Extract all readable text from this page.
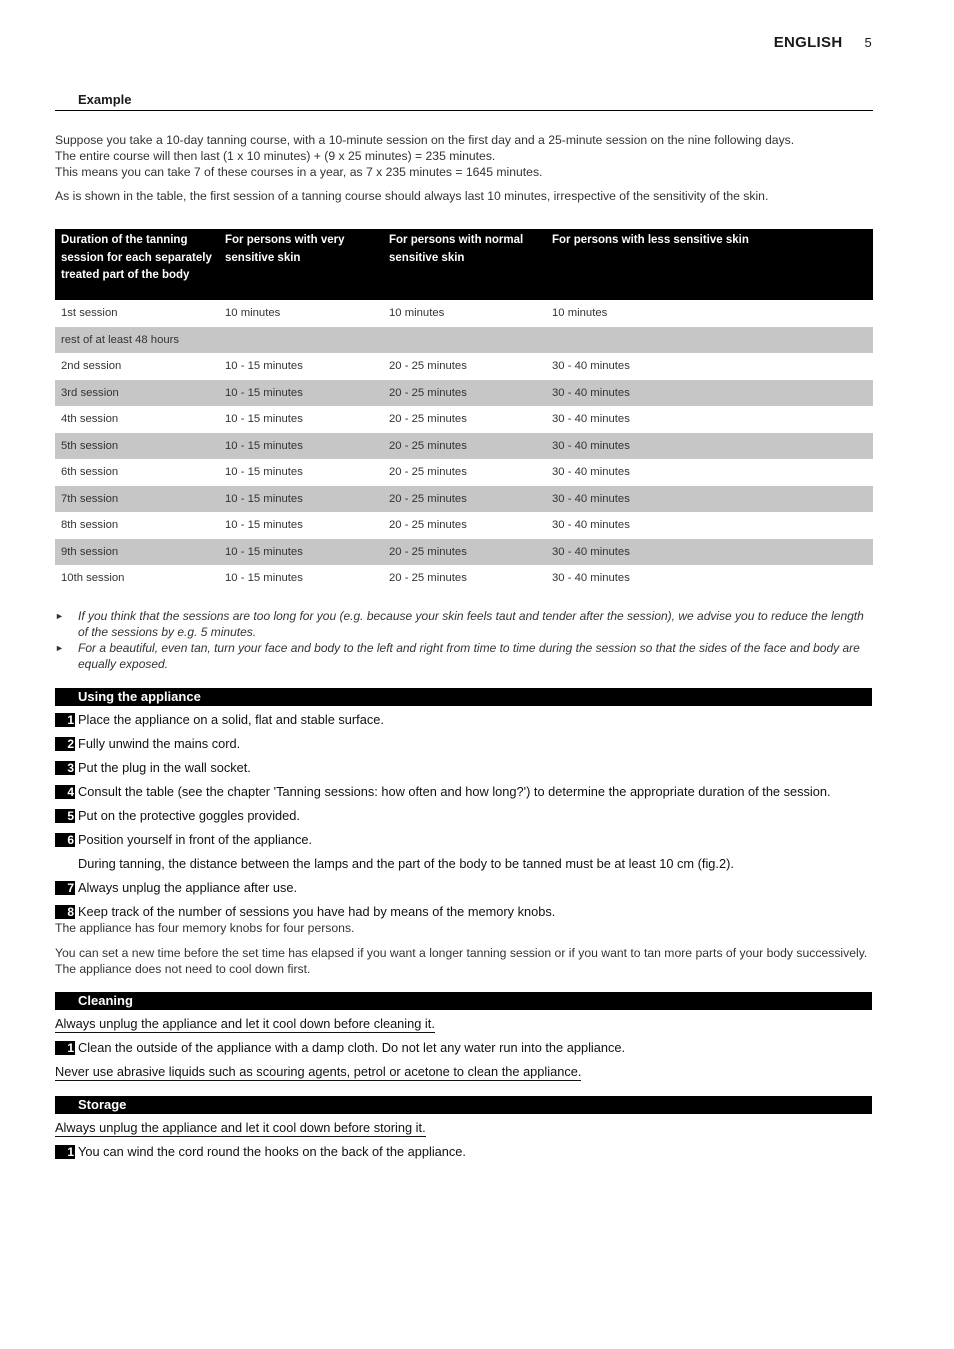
ENGLISH 5
Example

Suppose you take a 10-day tanning course, with a 10-minute session on the first day and a 25-minute session on the nine following days.

The entire course will then last (1 x 10 minutes) + (9 x 25 minutes) = 235 minutes.

This means you can take 7 of these courses in a year, as 7 x 235 minutes = 1645 minutes.

As is shown in the table, the first session of a tanning course should always last 10 minutes, irrespective of the sensitivity of the skin.

Duration of the tanning session for each separately treated part of the body	For persons with very sensitive skin	For persons with normal sensitive skin	For persons with less sensitive skin
1st session	10 minutes	10 minutes	10 minutes
rest of at least 48 hours			
2nd session	10 - 15 minutes	20 - 25 minutes	30 - 40 minutes
3rd session	10 - 15 minutes	20 - 25 minutes	30 - 40 minutes
4th session	10 - 15 minutes	20 - 25 minutes	30 - 40 minutes
5th session	10 - 15 minutes	20 - 25 minutes	30 - 40 minutes
6th session	10 - 15 minutes	20 - 25 minutes	30 - 40 minutes
7th session	10 - 15 minutes	20 - 25 minutes	30 - 40 minutes
8th session	10 - 15 minutes	20 - 25 minutes	30 - 40 minutes
9th session	10 - 15 minutes	20 - 25 minutes	30 - 40 minutes
10th session	10 - 15 minutes	20 - 25 minutes	30 - 40 minutes
► If you think that the sessions are too long for you (e.g. because your skin feels taut and tender after the session), we advise you to reduce the length of the sessions by e.g. 5 minutes.
► For a beautiful, even tan, turn your face and body to the left and right from time to time during the session so that the sides of the face and body are equally exposed.
Using the appliance
1 Place the appliance on a solid, flat and stable surface.
2 Fully unwind the mains cord.
3 Put the plug in the wall socket.
4 Consult the table (see the chapter 'Tanning sessions: how often and how long?') to determine the appropriate duration of the session.
5 Put on the protective goggles provided.
6 Position yourself in front of the appliance.
During tanning, the distance between the lamps and the part of the body to be tanned must be at least 10 cm (fig.2).
7 Always unplug the appliance after use.
8 Keep track of the number of sessions you have had by means of the memory knobs.

The appliance has four memory knobs for four persons.

You can set a new time before the set time has elapsed if you want a longer tanning session or if you want to tan more parts of your body successively. The appliance does not need to cool down first.

Cleaning
Always unplug the appliance and let it cool down before cleaning it.
1 Clean the outside of the appliance with a damp cloth. Do not let any water run into the appliance.
Never use abrasive liquids such as scouring agents, petrol or acetone to clean the appliance.
Storage
Always unplug the appliance and let it cool down before storing it.
1 You can wind the cord round the hooks on the back of the appliance.
